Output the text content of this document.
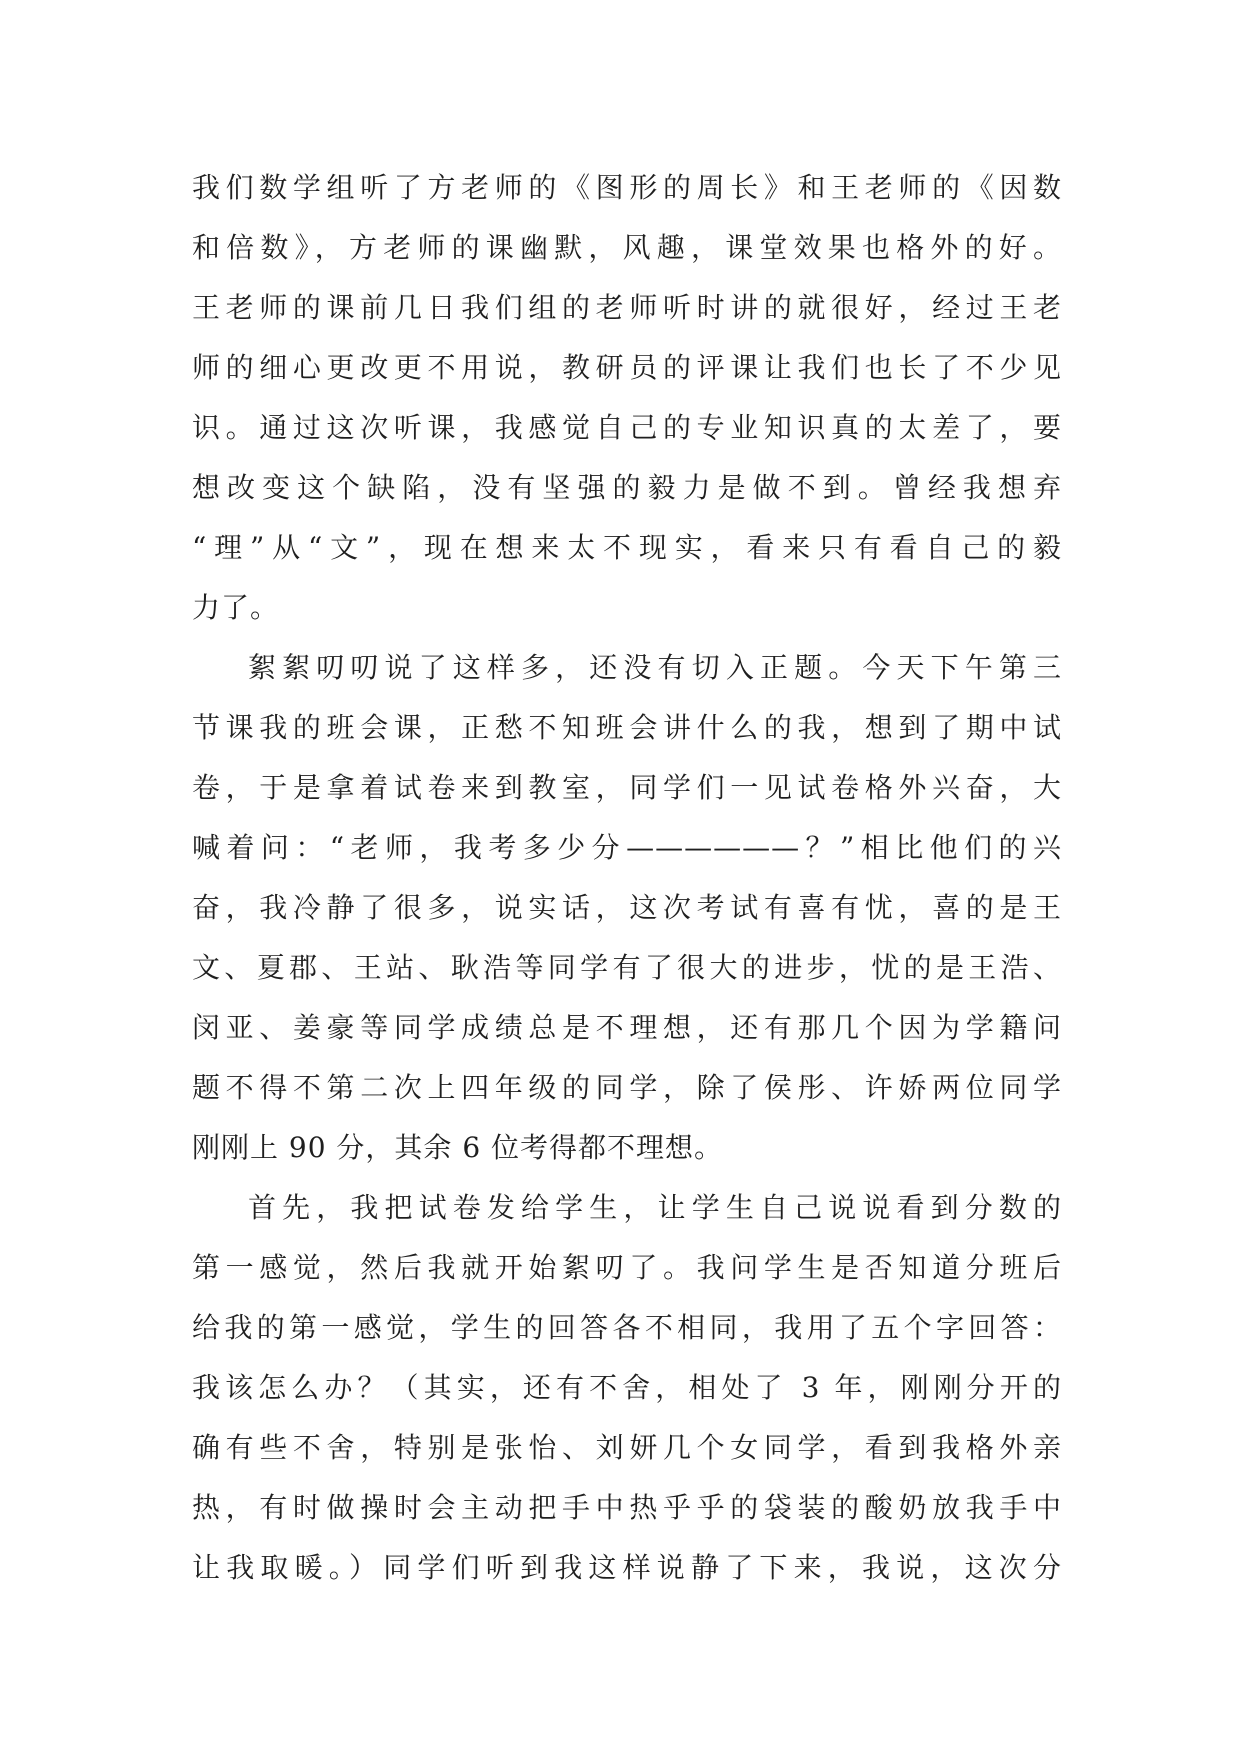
我们数学组听了方老师的《图形的周长》和王老师的《因数
和倍数》，方老师的课幽默，风趣，课堂效果也格外的好。
王老师的课前几日我们组的老师听时讲的就很好，经过王老
师的细心更改更不用说，教研员的评课让我们也长了不少见
识。通过这次听课，我感觉自己的专业知识真的太差了，要
想改变这个缺陷，没有坚强的毅力是做不到。曾经我想弃
“理”从“文”，现在想来太不现实，看来只有看自己的毅
力了。
絮絮叨叨说了这样多，还没有切入正题。今天下午第三
节课我的班会课，正愁不知班会讲什么的我，想到了期中试
卷，于是拿着试卷来到教室，同学们一见试卷格外兴奋，大
喊着问：“老师，我考多少分——————？”相比他们的兴
奋，我冷静了很多，说实话，这次考试有喜有忧，喜的是王
文、夏郡、王站、耿浩等同学有了很大的进步，忧的是王浩、
闵亚、姜豪等同学成绩总是不理想，还有那几个因为学籍问
题不得不第二次上四年级的同学，除了侯彤、许娇两位同学
刚刚上 90 分，其余 6 位考得都不理想。
首先，我把试卷发给学生，让学生自己说说看到分数的
第一感觉，然后我就开始絮叨了。我问学生是否知道分班后
给我的第一感觉，学生的回答各不相同，我用了五个字回答：
我该怎么办？（其实，还有不舍，相处了 3 年，刚刚分开的
确有些不舍，特别是张怡、刘妍几个女同学，看到我格外亲
热，有时做操时会主动把手中热乎乎的袋装的酸奶放我手中
让我取暖。）同学们听到我这样说静了下来，我说，这次分
